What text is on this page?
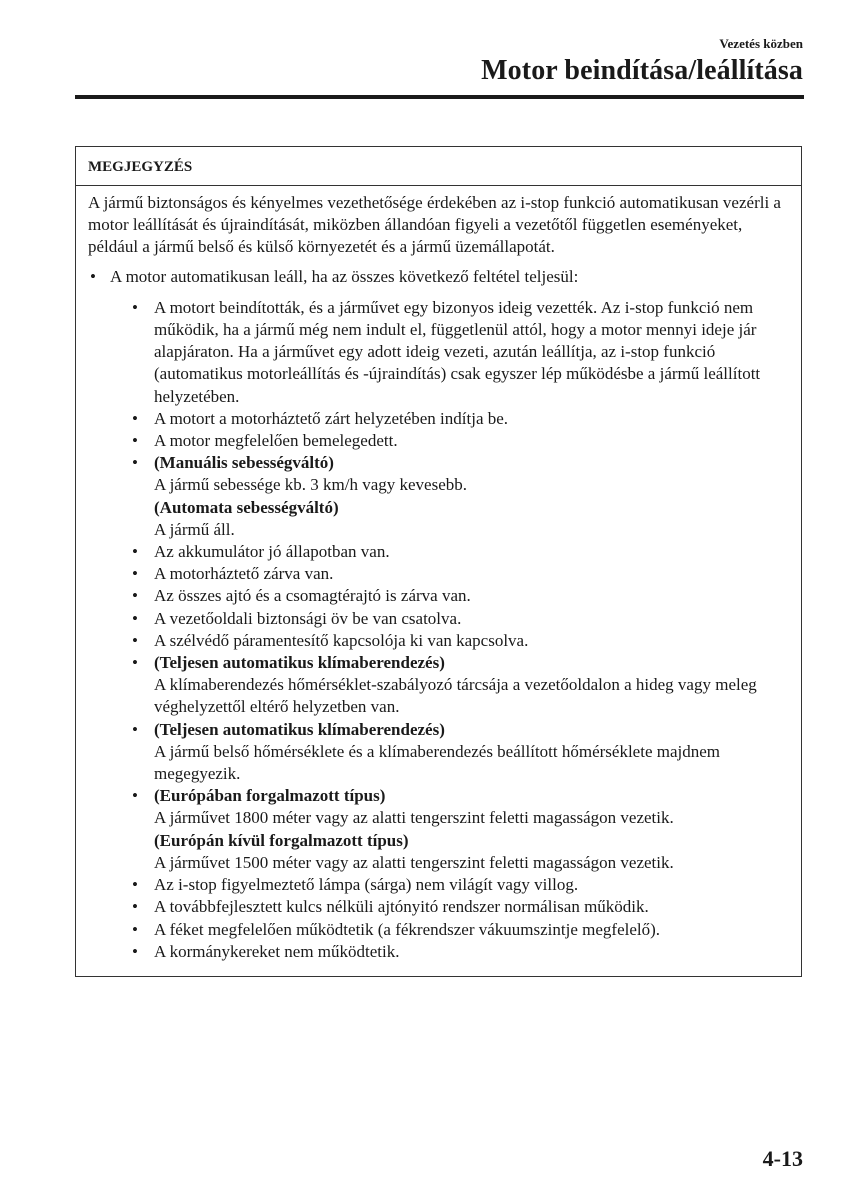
Vezetés közben
Motor beindítása/leállítása
MEGJEGYZÉS

A jármű biztonságos és kényelmes vezethetősége érdekében az i-stop funkció automatikusan vezérli a motor leállítását és újraindítását, miközben állandóan figyeli a vezetőtől független eseményeket, például a jármű belső és külső környezetét és a jármű üzemállapotát.

• A motor automatikusan leáll, ha az összes következő feltétel teljesül:
• A motort beindították, és a járművet egy bizonyos ideig vezették. Az i-stop funkció nem működik, ha a jármű még nem indult el, függetlenül attól, hogy a motor mennyi ideje jár alapjáraton. Ha a járművet egy adott ideig vezeti, azután leállítja, az i-stop funkció (automatikus motorleállítás és -újraindítás) csak egyszer lép működésbe a jármű leállított helyzetében.
• A motort a motorháztető zárt helyzetében indítja be.
• A motor megfelelően bemelegedett.
• (Manuális sebességváltó)
A jármű sebessége kb. 3 km/h vagy kevesebb.
(Automata sebességváltó)
A jármű áll.
• Az akkumulátor jó állapotban van.
• A motorháztető zárva van.
• Az összes ajtó és a csomagtérajtó is zárva van.
• A vezetőoldali biztonsági öv be van csatolva.
• A szélvédő páramentesítő kapcsolója ki van kapcsolva.
• (Teljesen automatikus klímaberendezés)
A klímaberendezés hőmérséklet-szabályozó tárcsája a vezetőoldalon a hideg vagy meleg véghelyzettől eltérő helyzetben van.
• (Teljesen automatikus klímaberendezés)
A jármű belső hőmérséklete és a klímaberendezés beállított hőmérséklete majdnem megegyezik.
• (Európában forgalmazott típus)
A járművet 1800 méter vagy az alatti tengerszint feletti magasságon vezetik.
(Európán kívül forgalmazott típus)
A járművet 1500 méter vagy az alatti tengerszint feletti magasságon vezetik.
• Az i-stop figyelmeztető lámpa (sárga) nem világít vagy villog.
• A továbbfejlesztett kulcs nélküli ajtónyitó rendszer normálisan működik.
• A féket megfelelően működtetik (a fékrendszer vákuumszintje megfelelő).
• A kormánykereket nem működtetik.
4-13
